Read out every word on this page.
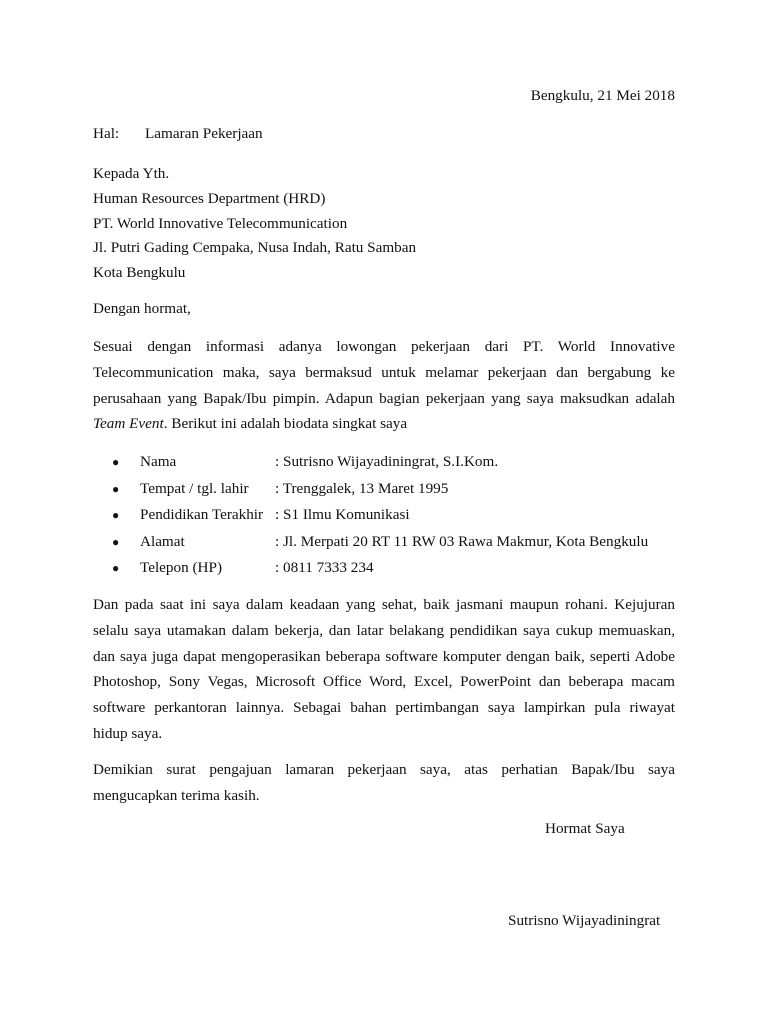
Bengkulu, 21 Mei 2018
Hal: Lamaran Pekerjaan
Kepada Yth.
Human Resources Department (HRD)
PT. World Innovative Telecommunication
Jl. Putri Gading Cempaka, Nusa Indah, Ratu Samban
Kota Bengkulu
Dengan hormat,
Sesuai dengan informasi adanya lowongan pekerjaan dari PT. World Innovative
Telecommunication maka, saya bermaksud untuk melamar pekerjaan dan bergabung ke
perusahaan yang Bapak/Ibu pimpin. Adapun bagian pekerjaan yang saya maksudkan adalah
Team Event. Berikut ini adalah biodata singkat saya
● Nama	: Sutrisno Wijayadiningrat, S.I.Kom.
● Tempat / tgl. lahir : Trenggalek, 13 Maret 1995
● Pendidikan Terakhir : S1 Ilmu Komunikasi
● Alamat	: Jl. Merpati 20 RT 11 RW 03 Rawa Makmur, Kota Bengkulu
● Telepon (HP)	: 0811 7333 234
Dan pada saat ini saya dalam keadaan yang sehat, baik jasmani maupun rohani. Kejujuran
selalu saya utamakan dalam bekerja, dan latar belakang pendidikan saya cukup memuaskan,
dan saya juga dapat mengoperasikan beberapa software komputer dengan baik, seperti Adobe
Photoshop, Sony Vegas, Microsoft Office Word, Excel, PowerPoint dan beberapa macam
software perkantoran lainnya. Sebagai bahan pertimbangan saya lampirkan pula riwayat
hidup saya.
Demikian surat pengajuan lamaran pekerjaan saya, atas perhatian Bapak/Ibu saya
mengucapkan terima kasih.
Hormat Saya
Sutrisno Wijayadiningrat
